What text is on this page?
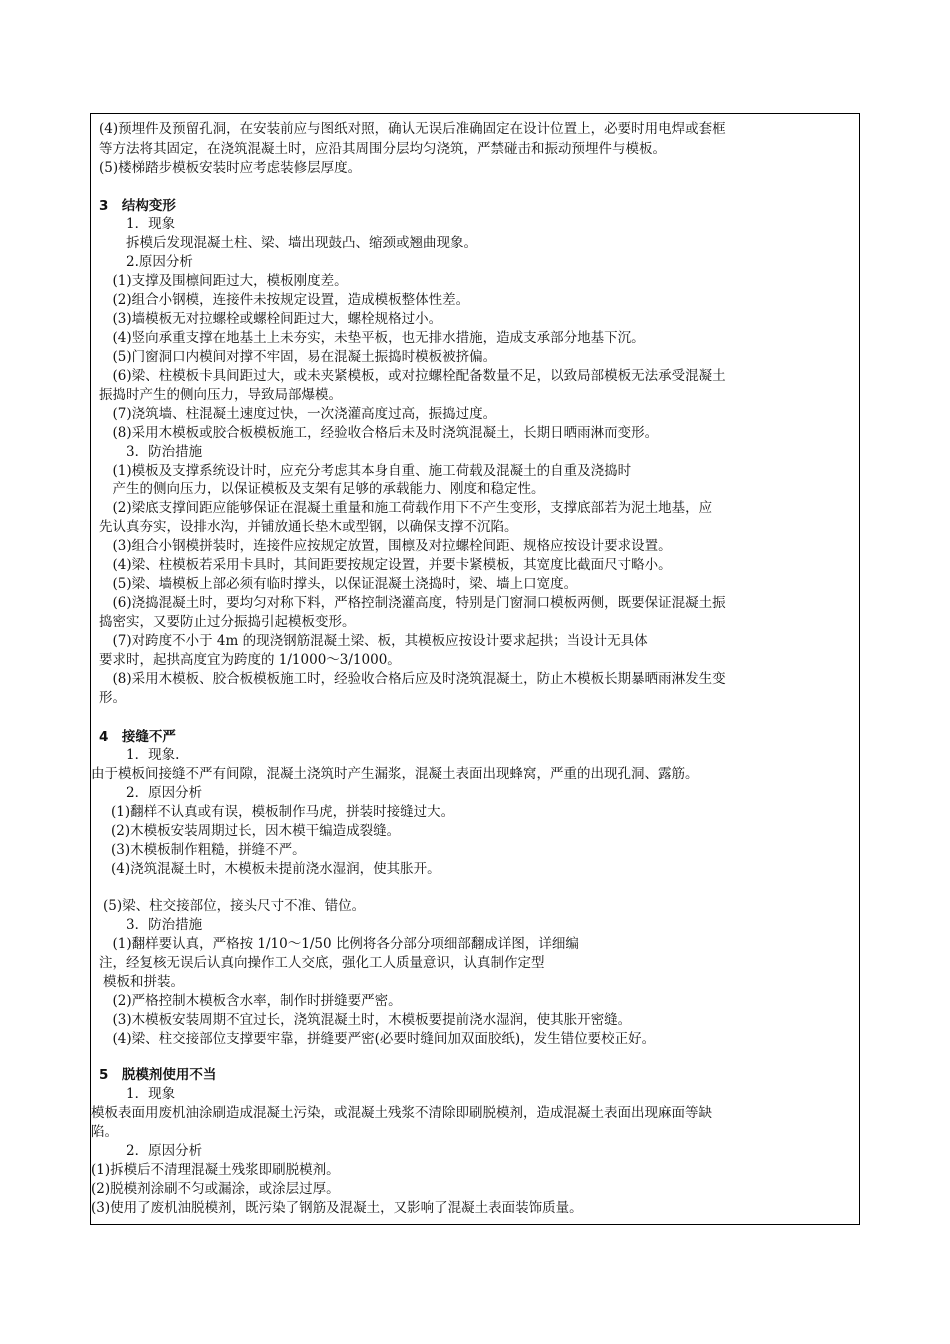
(4)预埋件及预留孔洞，在安装前应与图纸对照，确认无误后准确固定在设计位置上，必要时用电焊或套框
等方法将其固定，在浇筑混凝土时，应沿其周围分层均匀浇筑，严禁碰击和振动预埋件与模板。
(5)楼梯踏步模板安装时应考虑装修层厚度。
3　结构变形
　　1．现象
　　拆模后发现混凝土柱、梁、墙出现鼓凸、缩颈或翘曲现象。
　　2.原因分析
　(1)支撑及围檩间距过大，模板刚度差。
　(2)组合小钢模，连接件未按规定设置，造成模板整体性差。
　(3)墙模板无对拉螺栓或螺栓间距过大，螺栓规格过小。
　(4)竖向承重支撑在地基土上未夯实，未垫平板，也无排水措施，造成支承部分地基下沉。
　(5)门窗洞口内模间对撑不牢固，易在混凝土振捣时模板被挤偏。
　(6)梁、柱模板卡具间距过大，或未夹紧模板，或对拉螺栓配备数量不足，以致局部模板无法承受混凝土
振捣时产生的侧向压力，导致局部爆模。
　(7)浇筑墙、柱混凝土速度过快，一次浇灌高度过高，振捣过度。
　(8)采用木模板或胶合板模板施工，经验收合格后未及时浇筑混凝土，长期日晒雨淋而变形。
　　3．防治措施
　(1)模板及支撑系统设计时，应充分考虑其本身自重、施工荷载及混凝土的自重及浇捣时
　产生的侧向压力，以保证模板及支架有足够的承载能力、刚度和稳定性。
　(2)梁底支撑间距应能够保证在混凝土重量和施工荷载作用下不产生变形，支撑底部若为泥土地基，应
先认真夯实，设排水沟，并铺放通长垫木或型钢，以确保支撑不沉陷。
　(3)组合小钢模拼装时，连接件应按规定放置，围檩及对拉螺栓间距、规格应按设计要求设置。
　(4)梁、柱模板若采用卡具时，其间距要按规定设置，并要卡紧模板，其宽度比截面尺寸略小。
　(5)梁、墙模板上部必须有临时撑头，以保证混凝土浇捣时，梁、墙上口宽度。
　(6)浇捣混凝土时，要均匀对称下料，严格控制浇灌高度，特别是门窗洞口模板两侧，既要保证混凝土振
捣密实，又要防止过分振捣引起模板变形。
　(7)对跨度不小于 4m 的现浇钢筋混凝土梁、板，其模板应按设计要求起拱；当设计无具体
要求时，起拱高度宜为跨度的 1/1000～3/1000。
　(8)采用木模板、胶合板模板施工时，经验收合格后应及时浇筑混凝土，防止木模板长期暴晒雨淋发生变
形。
4　接缝不严
　　1．现象.
由于模板间接缝不严有间隙，混凝土浇筑时产生漏浆，混凝土表面出现蜂窝，严重的出现孔洞、露筋。
　　2．原因分析
(1)翻样不认真或有误，模板制作马虎，拼装时接缝过大。
(2)木模板安装周期过长，因木模干编造成裂缝。
(3)木模板制作粗糙，拼缝不严。
(4)浇筑混凝土时，木模板未提前浇水湿润，使其胀开。
(5)梁、柱交接部位，接头尺寸不准、错位。
　　3．防治措施
　(1)翻样要认真，严格按 1/10～1/50 比例将各分部分项细部翻成详图，详细编
注，经复核无误后认真向操作工人交底，强化工人质量意识，认真制作定型
模板和拼装。
　(2)严格控制木模板含水率，制作时拼缝要严密。
　(3)木模板安装周期不宜过长，浇筑混凝土时，木模板要提前浇水湿润，使其胀开密缝。
　(4)梁、柱交接部位支撑要牢靠，拼缝要严密(必要时缝间加双面胶纸)，发生错位要校正好。
5　脱模剂使用不当
　　1．现象
模板表面用废机油涂刷造成混凝土污染，或混凝土残浆不清除即刷脱模剂，造成混凝土表面出现麻面等缺
陷。
　　2．原因分析
(1)拆模后不清理混凝土残浆即刷脱模剂。
(2)脱模剂涂刷不匀或漏涂，或涂层过厚。
(3)使用了废机油脱模剂，既污染了钢筋及混凝土，又影响了混凝土表面装饰质量。
